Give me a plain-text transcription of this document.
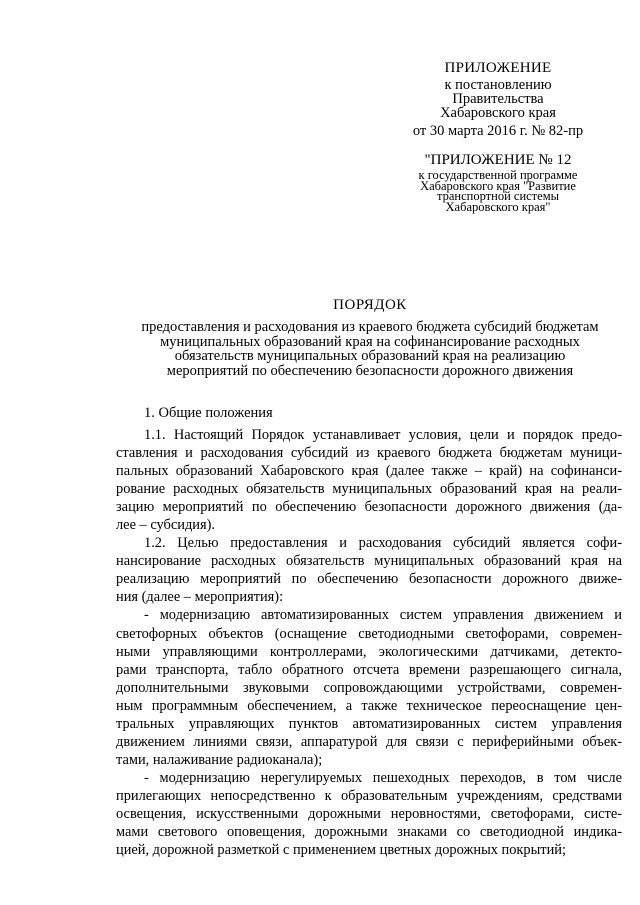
ПРИЛОЖЕНИЕ
к постановлению
Правительства
Хабаровского края
от 30 марта 2016 г. № 82-пр
"ПРИЛОЖЕНИЕ № 12
к государственной программе
Хабаровского края "Развитие
транспортной системы
Хабаровского края"
ПОРЯДОК
предоставления и расходования из краевого бюджета субсидий бюджетам
муниципальных образований края на софинансирование расходных
обязательств муниципальных образований края на реализацию
мероприятий по обеспечению безопасности дорожного движения
1. Общие положения
1.1. Настоящий Порядок устанавливает условия, цели и порядок предо-
ставления и расходования субсидий из краевого бюджета бюджетам муници-
пальных образований Хабаровского края (далее также – край) на софинанси-
рование расходных обязательств муниципальных образований края на реали-
зацию мероприятий по обеспечению безопасности дорожного движения (да-
лее – субсидия).
1.2. Целью предоставления и расходования субсидий является софи-
нансирование расходных обязательств муниципальных образований края на
реализацию мероприятий по обеспечению безопасности дорожного движе-
ния (далее – мероприятия):
- модернизацию автоматизированных систем управления движением и
светофорных объектов (оснащение светодиодными светофорами, современ-
ными управляющими контроллерами, экологическими датчиками, детекто-
рами транспорта, табло обратного отсчета времени разрешающего сигнала,
дополнительными звуковыми сопровождающими устройствами, современ-
ным программным обеспечением, а также техническое переоснащение цен-
тральных управляющих пунктов автоматизированных систем управления
движением линиями связи, аппаратурой для связи с периферийными объек-
тами, налаживание радиоканала);
- модернизацию нерегулируемых пешеходных переходов, в том числе
прилегающих непосредственно к образовательным учреждениям, средствами
освещения, искусственными дорожными неровностями, светофорами, систе-
мами светового оповещения, дорожными знаками со светодиодной индика-
цией, дорожной разметкой с применением цветных дорожных покрытий;
